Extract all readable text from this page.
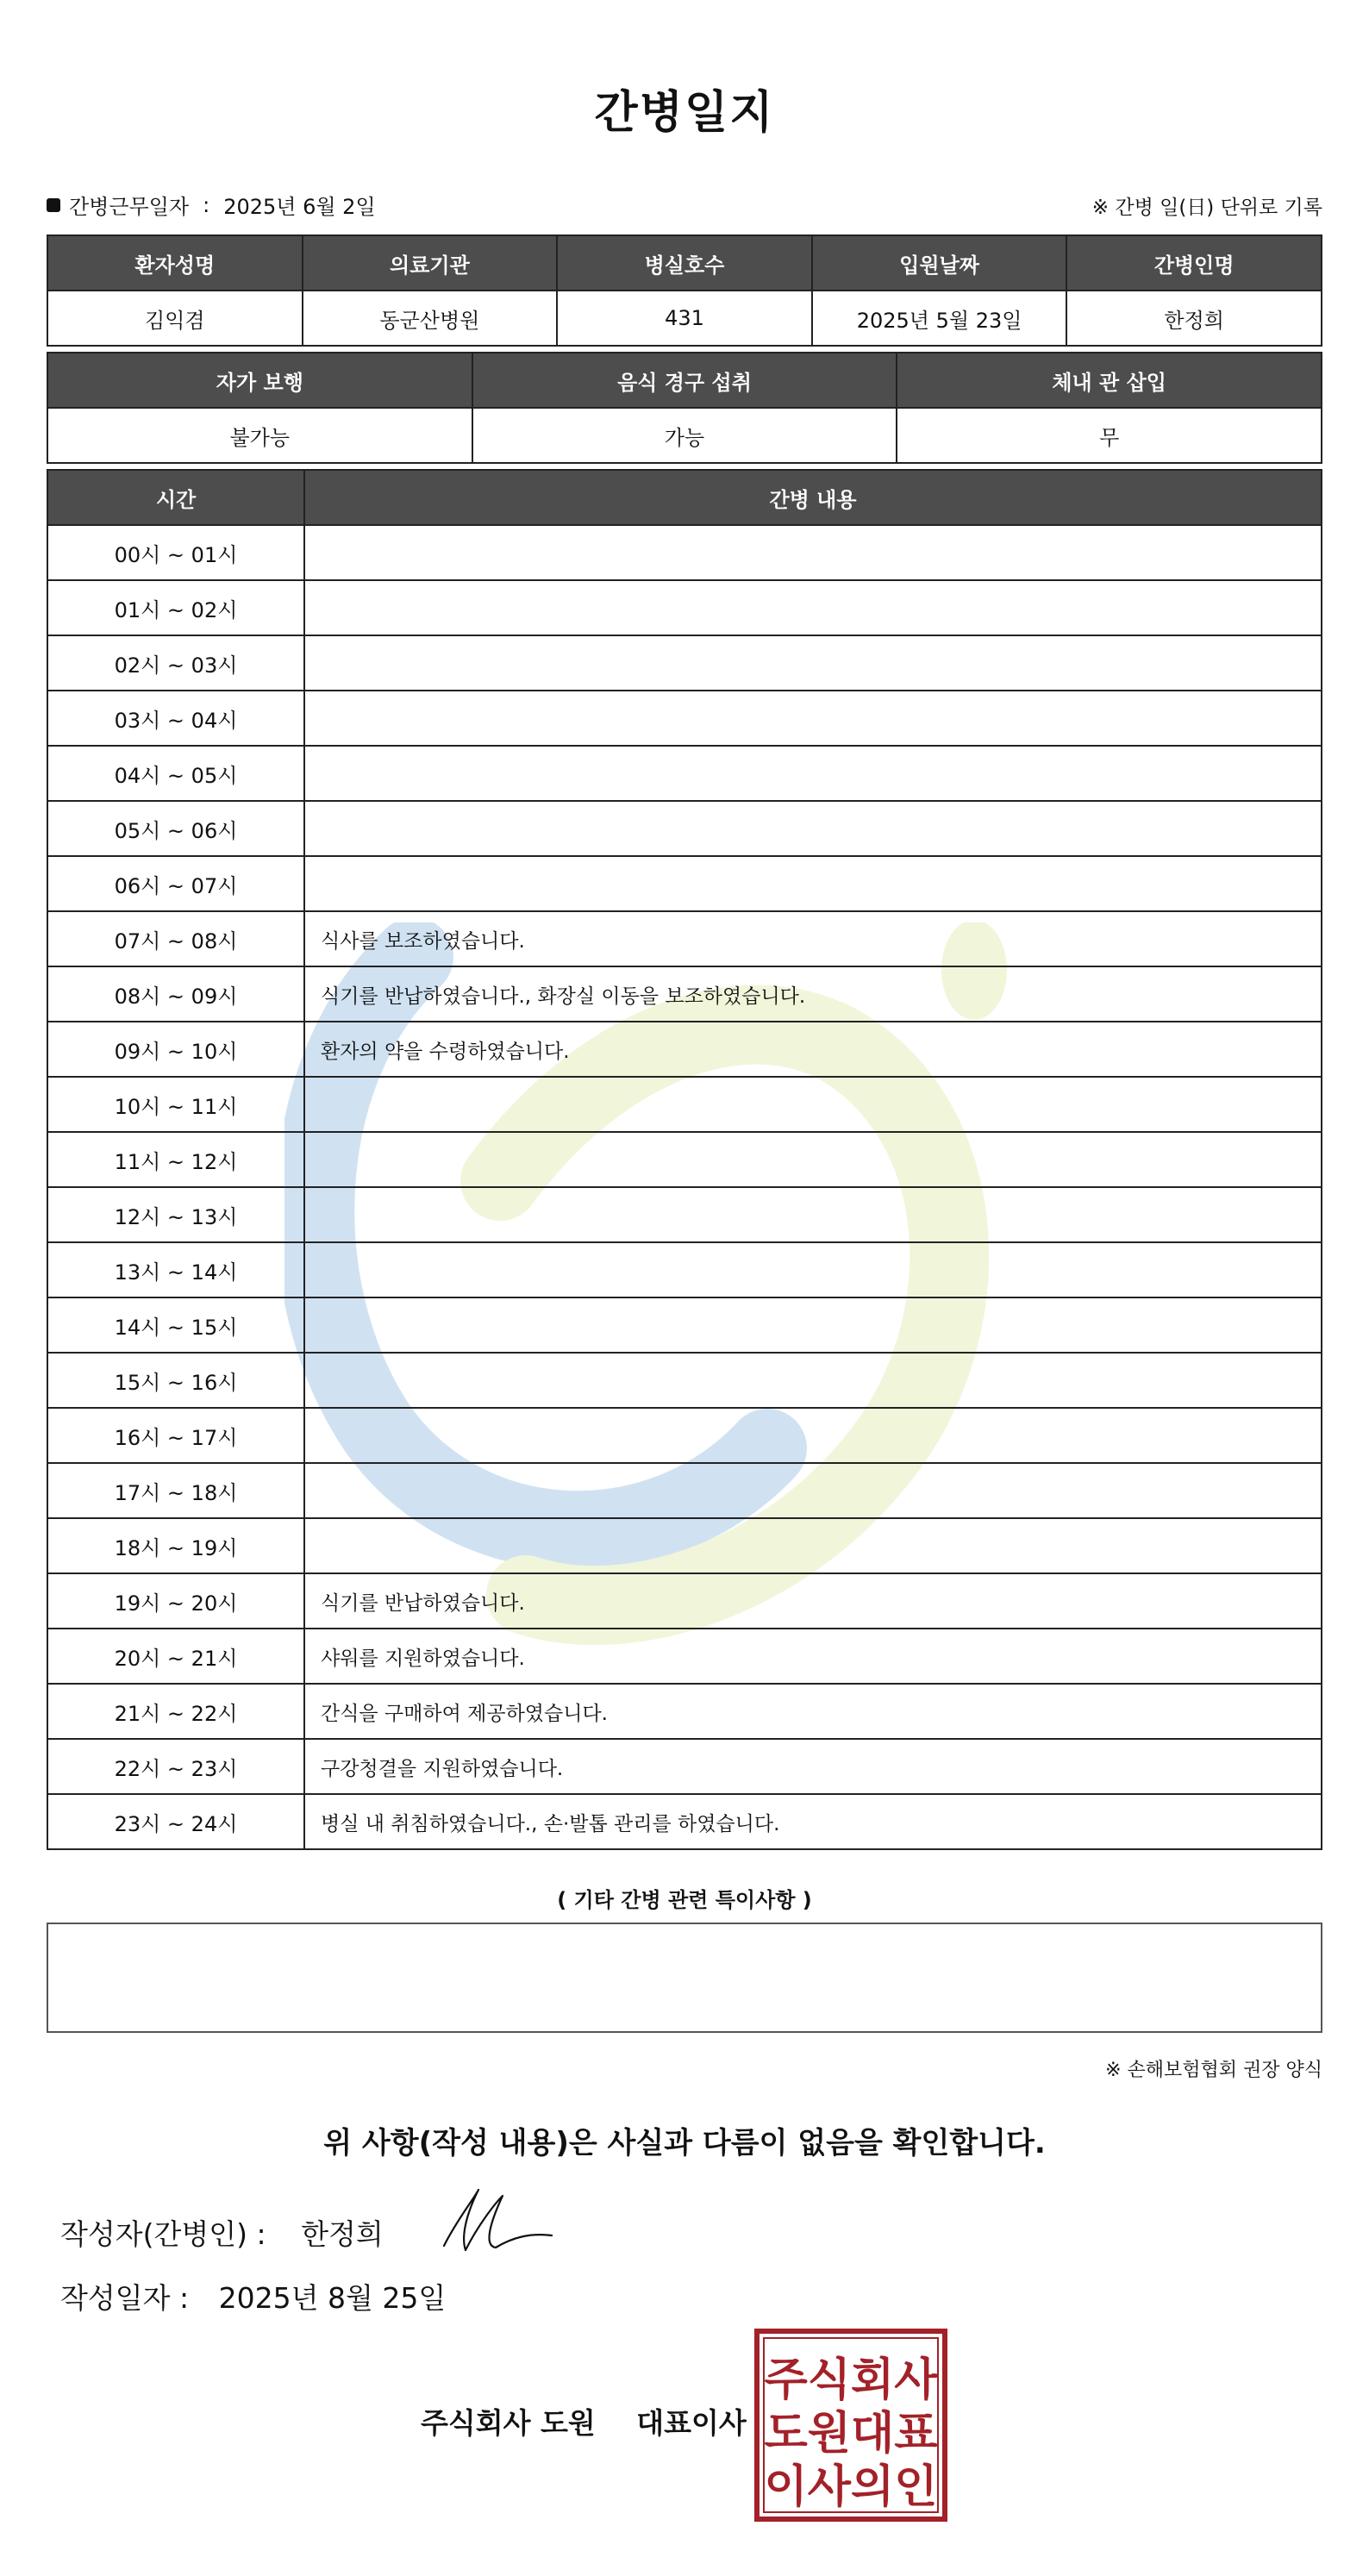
간병일지
간병근무일자 : 2025년 6월 2일	※ 간병 일(日) 단위로 기록
환자성명	의료기관	병실호수	입원날짜	간병인명
김익겸	동군산병원	431	2025년 5월 23일	한정희
자가 보행	음식 경구 섭취	체내 관 삽입
불가능	가능	무
시간	간병 내용
00시 ~ 01시	
01시 ~ 02시	
02시 ~ 03시	
03시 ~ 04시	
04시 ~ 05시	
05시 ~ 06시	
06시 ~ 07시	
07시 ~ 08시	식사를 보조하였습니다.
08시 ~ 09시	식기를 반납하였습니다., 화장실 이동을 보조하였습니다.
09시 ~ 10시	환자의 약을 수령하였습니다.
10시 ~ 11시	
11시 ~ 12시	
12시 ~ 13시	
13시 ~ 14시	
14시 ~ 15시	
15시 ~ 16시	
16시 ~ 17시	
17시 ~ 18시	
18시 ~ 19시	
19시 ~ 20시	식기를 반납하였습니다.
20시 ~ 21시	샤워를 지원하였습니다.
21시 ~ 22시	간식을 구매하여 제공하였습니다.
22시 ~ 23시	구강청결을 지원하였습니다.
23시 ~ 24시	병실 내 취침하였습니다., 손·발톱 관리를 하였습니다.
( 기타 간병 관련 특이사항 )
※ 손해보험협회 권장 양식
위 사항(작성 내용)은 사실과 다름이 없음을 확인합니다.
작성자(간병인) : 한정희
작성일자 : 2025년 8월 25일
주식회사 도원 대표이사
주식회사
도원대표
이사의인
